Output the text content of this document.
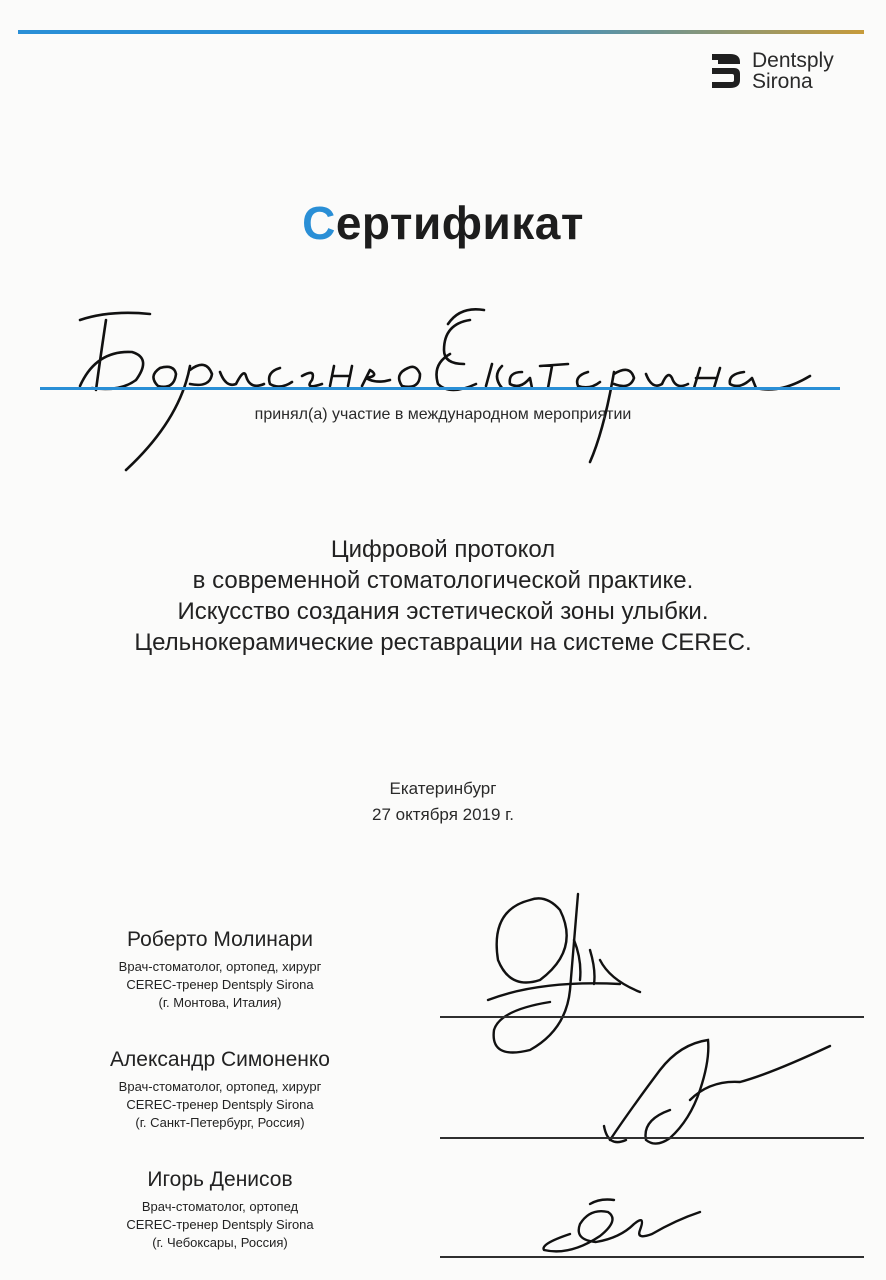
Dentsply
Sirona
Сертификат
принял(а) участие в международном мероприятии
Цифровой протокол
в современной стоматологической практике.
Искусство создания эстетической зоны улыбки.
Цельнокерамические реставрации на системе CEREC.
Екатеринбург
27 октября 2019 г.
Роберто Молинари
Врач-стоматолог, ортопед, хирург
CEREC-тренер Dentsply Sirona
(г. Монтова, Италия)
Александр Симоненко
Врач-стоматолог, ортопед, хирург
CEREC-тренер Dentsply Sirona
(г. Санкт-Петербург, Россия)
Игорь Денисов
Врач-стоматолог, ортопед
CEREC-тренер Dentsply Sirona
(г. Чебоксары, Россия)
